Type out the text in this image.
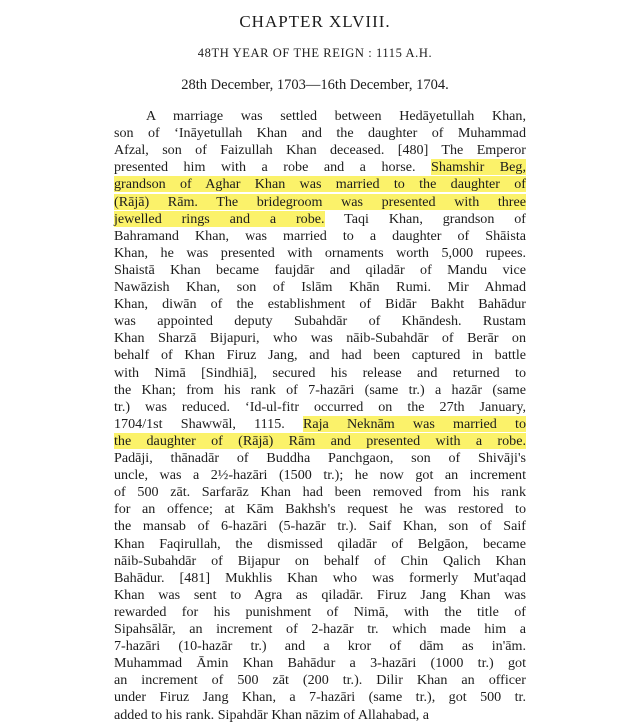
CHAPTER XLVIII.
48TH YEAR OF THE REIGN : 1115 A.H.
28th December, 1703—16th December, 1704.
A marriage was settled between Hedāyetullah Khan,
son of ‘Ināyetullah Khan and the daughter of Muhammad
Afzal, son of Faizullah Khan deceased. [480] The Emperor
presented him with a robe and a horse. Shamshir Beg,
grandson of Aghar Khan was married to the daughter of
(Rājā) Rām. The bridegroom was presented with three
jewelled rings and a robe. Taqi Khan, grandson of
Bahramand Khan, was married to a daughter of Shāista
Khan, he was presented with ornaments worth 5,000 rupees.
Shaistā Khan became faujdār and qiladār of Mandu vice
Nawāzish Khan, son of Islām Khān Rumi. Mir Ahmad
Khan, diwān of the establishment of Bidār Bakht Bahādur
was appointed deputy Subahdār of Khāndesh. Rustam
Khan Sharzā Bijapuri, who was nāib-Subahdār of Berār on
behalf of Khan Firuz Jang, and had been captured in battle
with Nimā [Sindhiā], secured his release and returned to
the Khan; from his rank of 7-hazāri (same tr.) a hazār (same
tr.) was reduced. ‘Id-ul-fitr occurred on the 27th January,
1704/1st Shawwāl, 1115. Raja Neknām was married to
the daughter of (Rājā) Rām and presented with a robe.
Padāji, thānadār of Buddha Panchgaon, son of Shivāji's
uncle, was a 2½-hazāri (1500 tr.); he now got an increment
of 500 zāt. Sarfarāz Khan had been removed from his rank
for an offence; at Kām Bakhsh's request he was restored to
the mansab of 6-hazāri (5-hazār tr.). Saif Khan, son of Saif
Khan Faqirullah, the dismissed qiladār of Belgāon, became
nāib-Subahdār of Bijapur on behalf of Chin Qalich Khan
Bahādur. [481] Mukhlis Khan who was formerly Mut'aqad
Khan was sent to Agra as qiladār. Firuz Jang Khan was
rewarded for his punishment of Nimā, with the title of
Sipahsālār, an increment of 2-hazār tr. which made him a
7-hazāri (10-hazār tr.) and a kror of dām as in'ām.
Muhammad Āmin Khan Bahādur a 3-hazāri (1000 tr.) got
an increment of 500 zāt (200 tr.). Dilir Khan an officer
under Firuz Jang Khan, a 7-hazāri (same tr.), got 500 tr.
added to his rank. Sipahdār Khan nāzim of Allahabad, a
